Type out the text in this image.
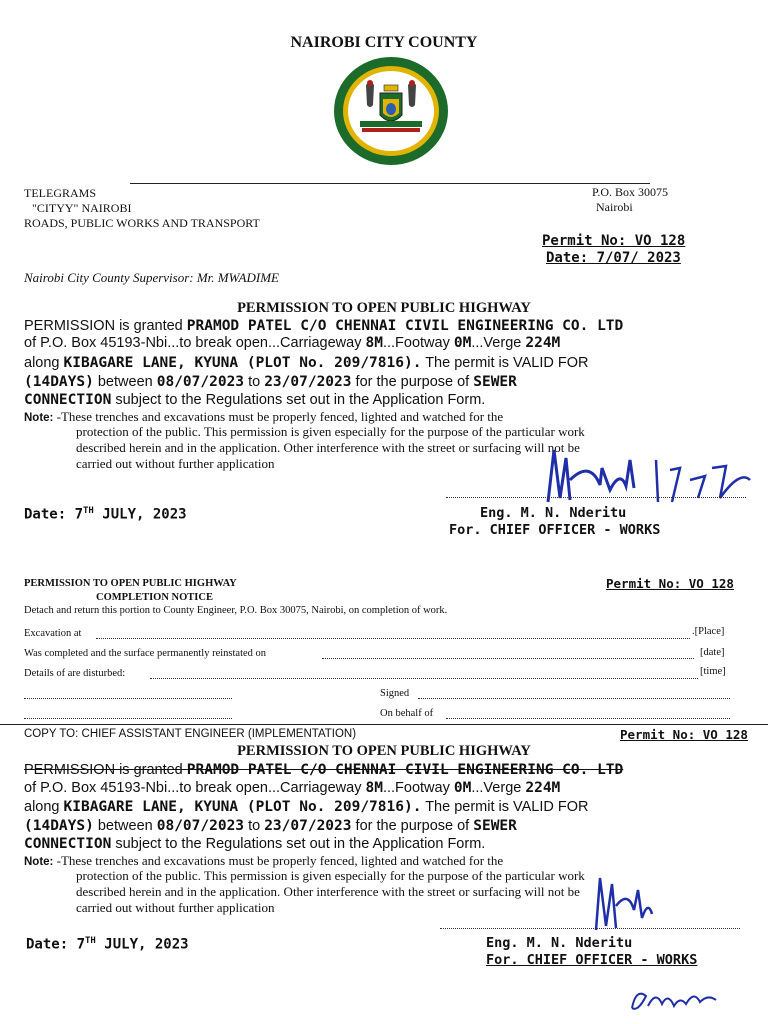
NAIROBI CITY COUNTY
TELEGRAMS
"CITYY" NAIROBI
ROADS, PUBLIC WORKS AND TRANSPORT
P.O. Box 30075
Nairobi
Permit No: VO 128
Date: 7/07/ 2023
Nairobi City County Supervisor: Mr. MWADIME
PERMISSION TO OPEN PUBLIC HIGHWAY
PERMISSION is granted PRAMOD PATEL C/O CHENNAI CIVIL ENGINEERING CO. LTD
of P.O. Box 45193-Nbi...to break open...Carriageway 8M...Footway 0M...Verge 224M
along KIBAGARE LANE, KYUNA (PLOT No. 209/7816). The permit is VALID FOR
(14DAYS) between 08/07/2023 to 23/07/2023 for the purpose of SEWER
CONNECTION subject to the Regulations set out in the Application Form.
Note: -These trenches and excavations must be properly fenced, lighted and watched for the
protection of the public. This permission is given especially for the purpose of the particular work
described herein and in the application. Other interference with the street or surfacing will not be
carried out without further application
Date: 7TH JULY, 2023	Eng. M. N. Nderitu
For. CHIEF OFFICER - WORKS
PERMISSION TO OPEN PUBLIC HIGHWAY
COMPLETION NOTICE
Permit No: VO 128
Detach and return this portion to County Engineer, P.O. Box 30075, Nairobi, on completion of work.
Excavation at	.[Place]
Was completed and the surface permanently reinstated on	[date]
Details of are disturbed:	[time]
Signed
On behalf of
COPY TO: CHIEF ASSISTANT ENGINEER (IMPLEMENTATION)	Permit No: VO 128
PERMISSION TO OPEN PUBLIC HIGHWAY
PERMISSION is granted PRAMOD PATEL C/O CHENNAI CIVIL ENGINEERING CO. LTD
of P.O. Box 45193-Nbi...to break open...Carriageway 8M...Footway 0M...Verge 224M
along KIBAGARE LANE, KYUNA (PLOT No. 209/7816). The permit is VALID FOR
(14DAYS) between 08/07/2023 to 23/07/2023 for the purpose of SEWER
CONNECTION subject to the Regulations set out in the Application Form.
Note: -These trenches and excavations must be properly fenced, lighted and watched for the
protection of the public. This permission is given especially for the purpose of the particular work
described herein and in the application. Other interference with the street or surfacing will not be
carried out without further application
Date: 7TH JULY, 2023	Eng. M. N. Nderitu
For. CHIEF OFFICER - WORKS
